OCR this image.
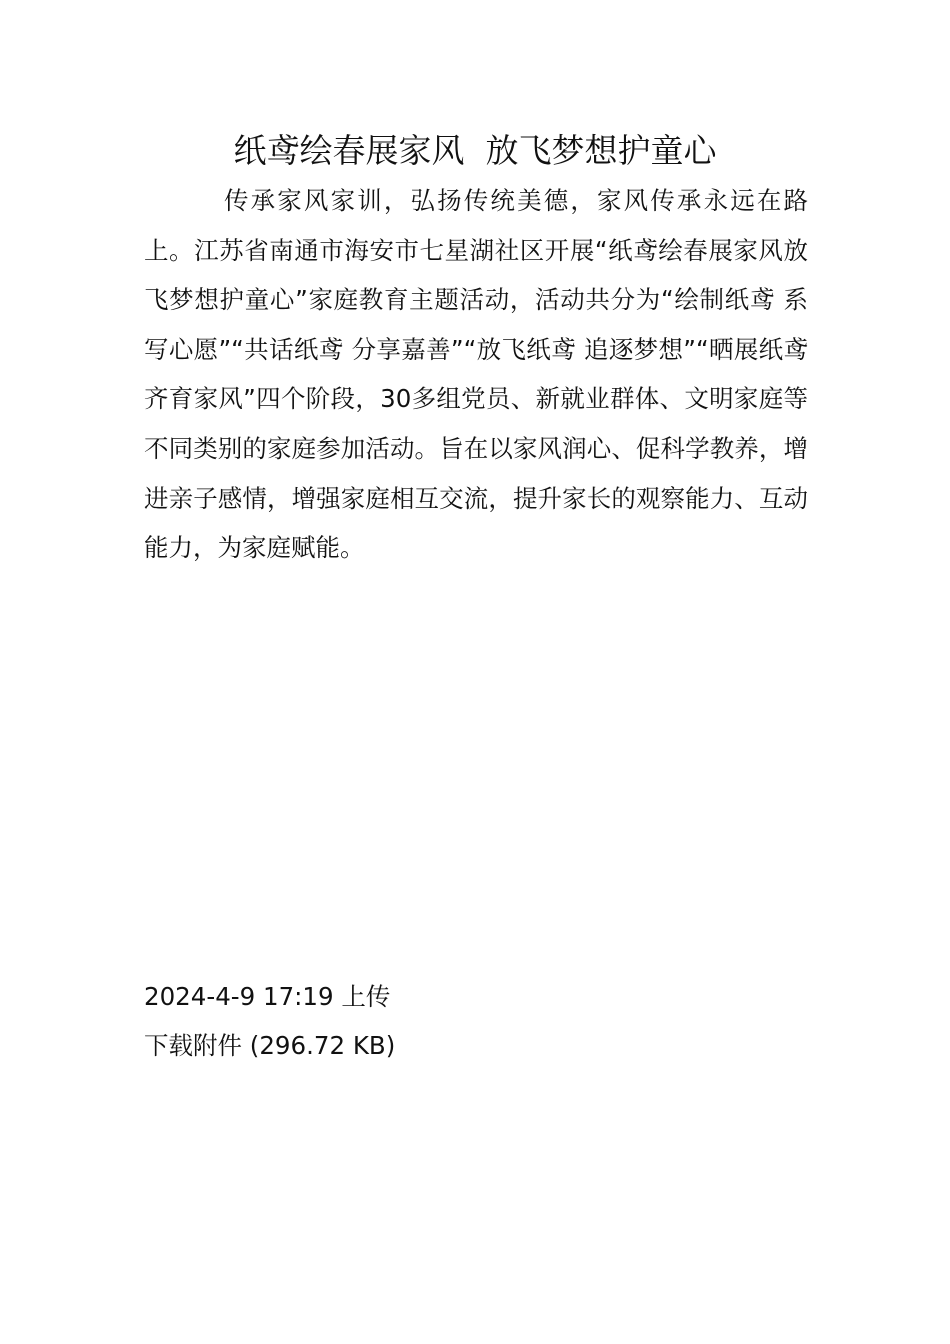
纸鸢绘春展家风  放飞梦想护童心

传承家风家训，弘扬传统美德，家风传承永远在路上。江苏省南通市海安市七星湖社区开展“纸鸢绘春展家风放飞梦想护童心”家庭教育主题活动，活动共分为“绘制纸鸢 系写心愿”“共话纸鸢 分享嘉善”“放飞纸鸢 追逐梦想”“晒展纸鸢 齐育家风”四个阶段，30多组党员、新就业群体、文明家庭等不同类别的家庭参加活动。旨在以家风润心、促科学教养，增进亲子感情，增强家庭相互交流，提升家长的观察能力、互动能力，为家庭赋能。

2024-4-9 17:19 上传

下载附件 (296.72 KB)
